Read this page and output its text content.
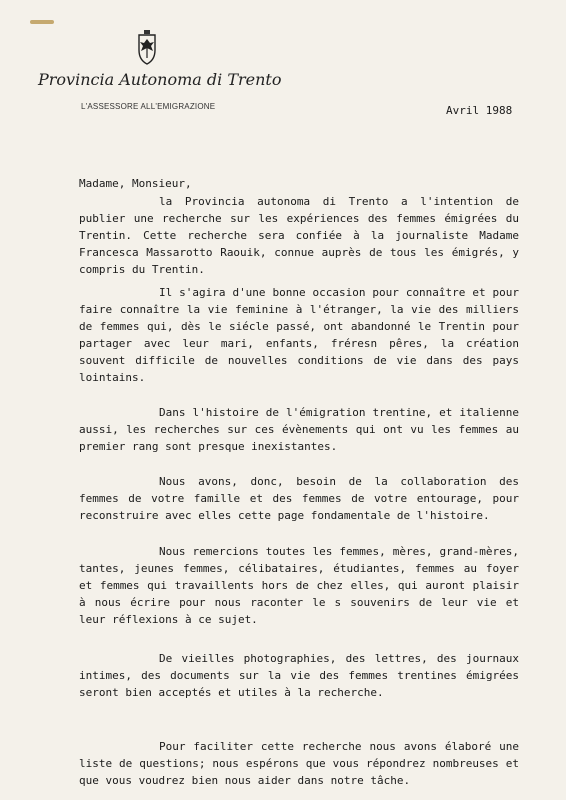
Provincia Autonoma di Trento
L'ASSESSORE ALL'EMIGRAZIONE	Avril 1988
Madame, Monsieur,

la Provincia autonoma di Trento a l'intention de publier une recherche sur les expériences des femmes émigrées du Trentin. Cette recherche sera confiée à la journaliste Madame Francesca Massarotto Raouik, connue auprès de tous les émigrés, y compris du Trentin.

Il s'agira d'une bonne occasion pour connaître et pour faire connaître la vie feminine à l'étranger, la vie des milliers de femmes qui, dès le siécle passé, ont abandonné le Trentin pour partager avec leur mari, enfants, fréresn pêres, la création souvent difficile de nouvelles conditions de vie dans des pays lointains.

Dans l'histoire de l'émigration trentine, et italienne aussi, les recherches sur ces évènements qui ont vu les femmes au premier rang sont presque inexistantes.

Nous avons, donc, besoin de la collaboration des femmes de votre famille et des femmes de votre entourage, pour reconstruire avec elles cette page fondamentale de l'histoire.

Nous remercions toutes les femmes, mères, grand-mères, tantes, jeunes femmes, célibataires, étudiantes, femmes au foyer et femmes qui travaillents hors de chez elles, qui auront plaisir à nous écrire pour nous raconter le s souvenirs de leur vie et leur réflexions à ce sujet.

De vieilles photographies, des lettres, des journaux intimes, des documents sur la vie des femmes trentines émigrées seront bien acceptés et utiles à la recherche.

Pour faciliter cette recherche nous avons élaboré une liste de questions; nous espérons que vous répondrez nombreuses et que vous voudrez bien nous aider dans notre tâche.
